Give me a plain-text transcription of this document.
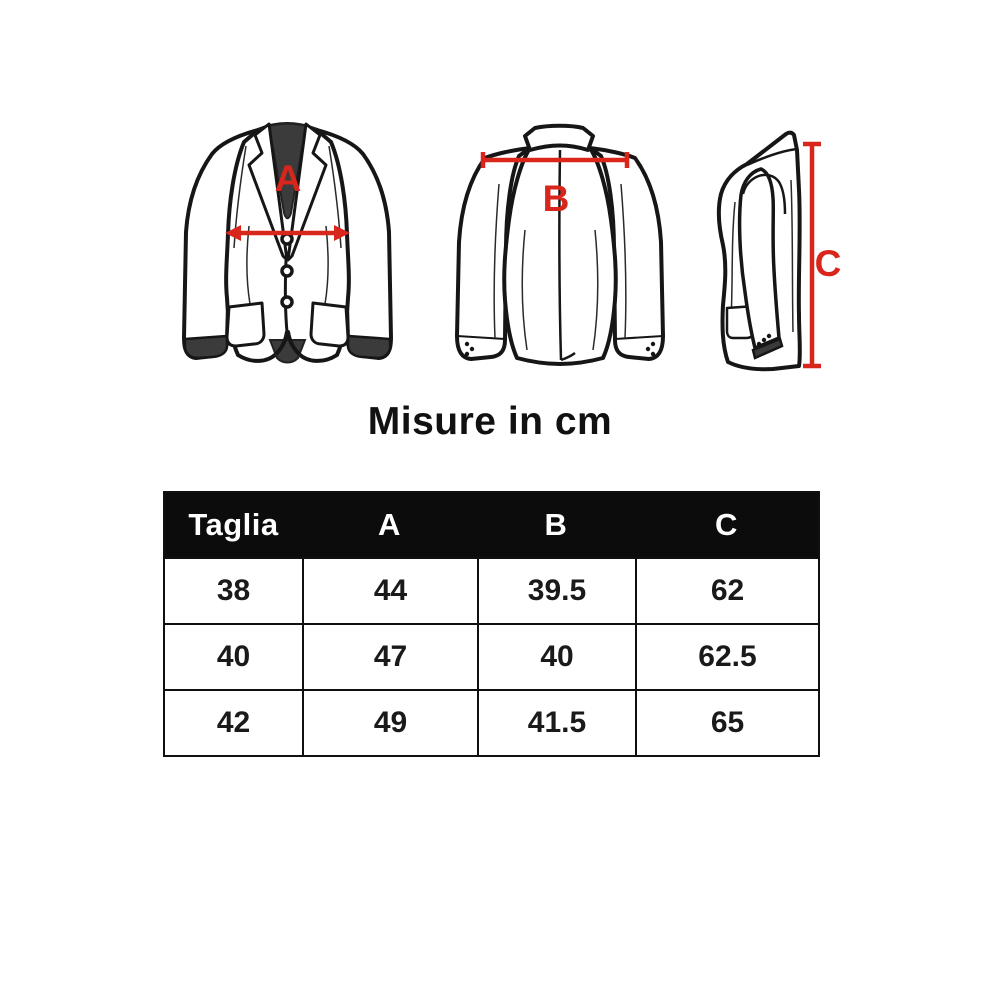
A	B
C
Misure in cm
Taglia	A	B	C
38	44	39.5	62
40	47	40	62.5
42	49	41.5	65
